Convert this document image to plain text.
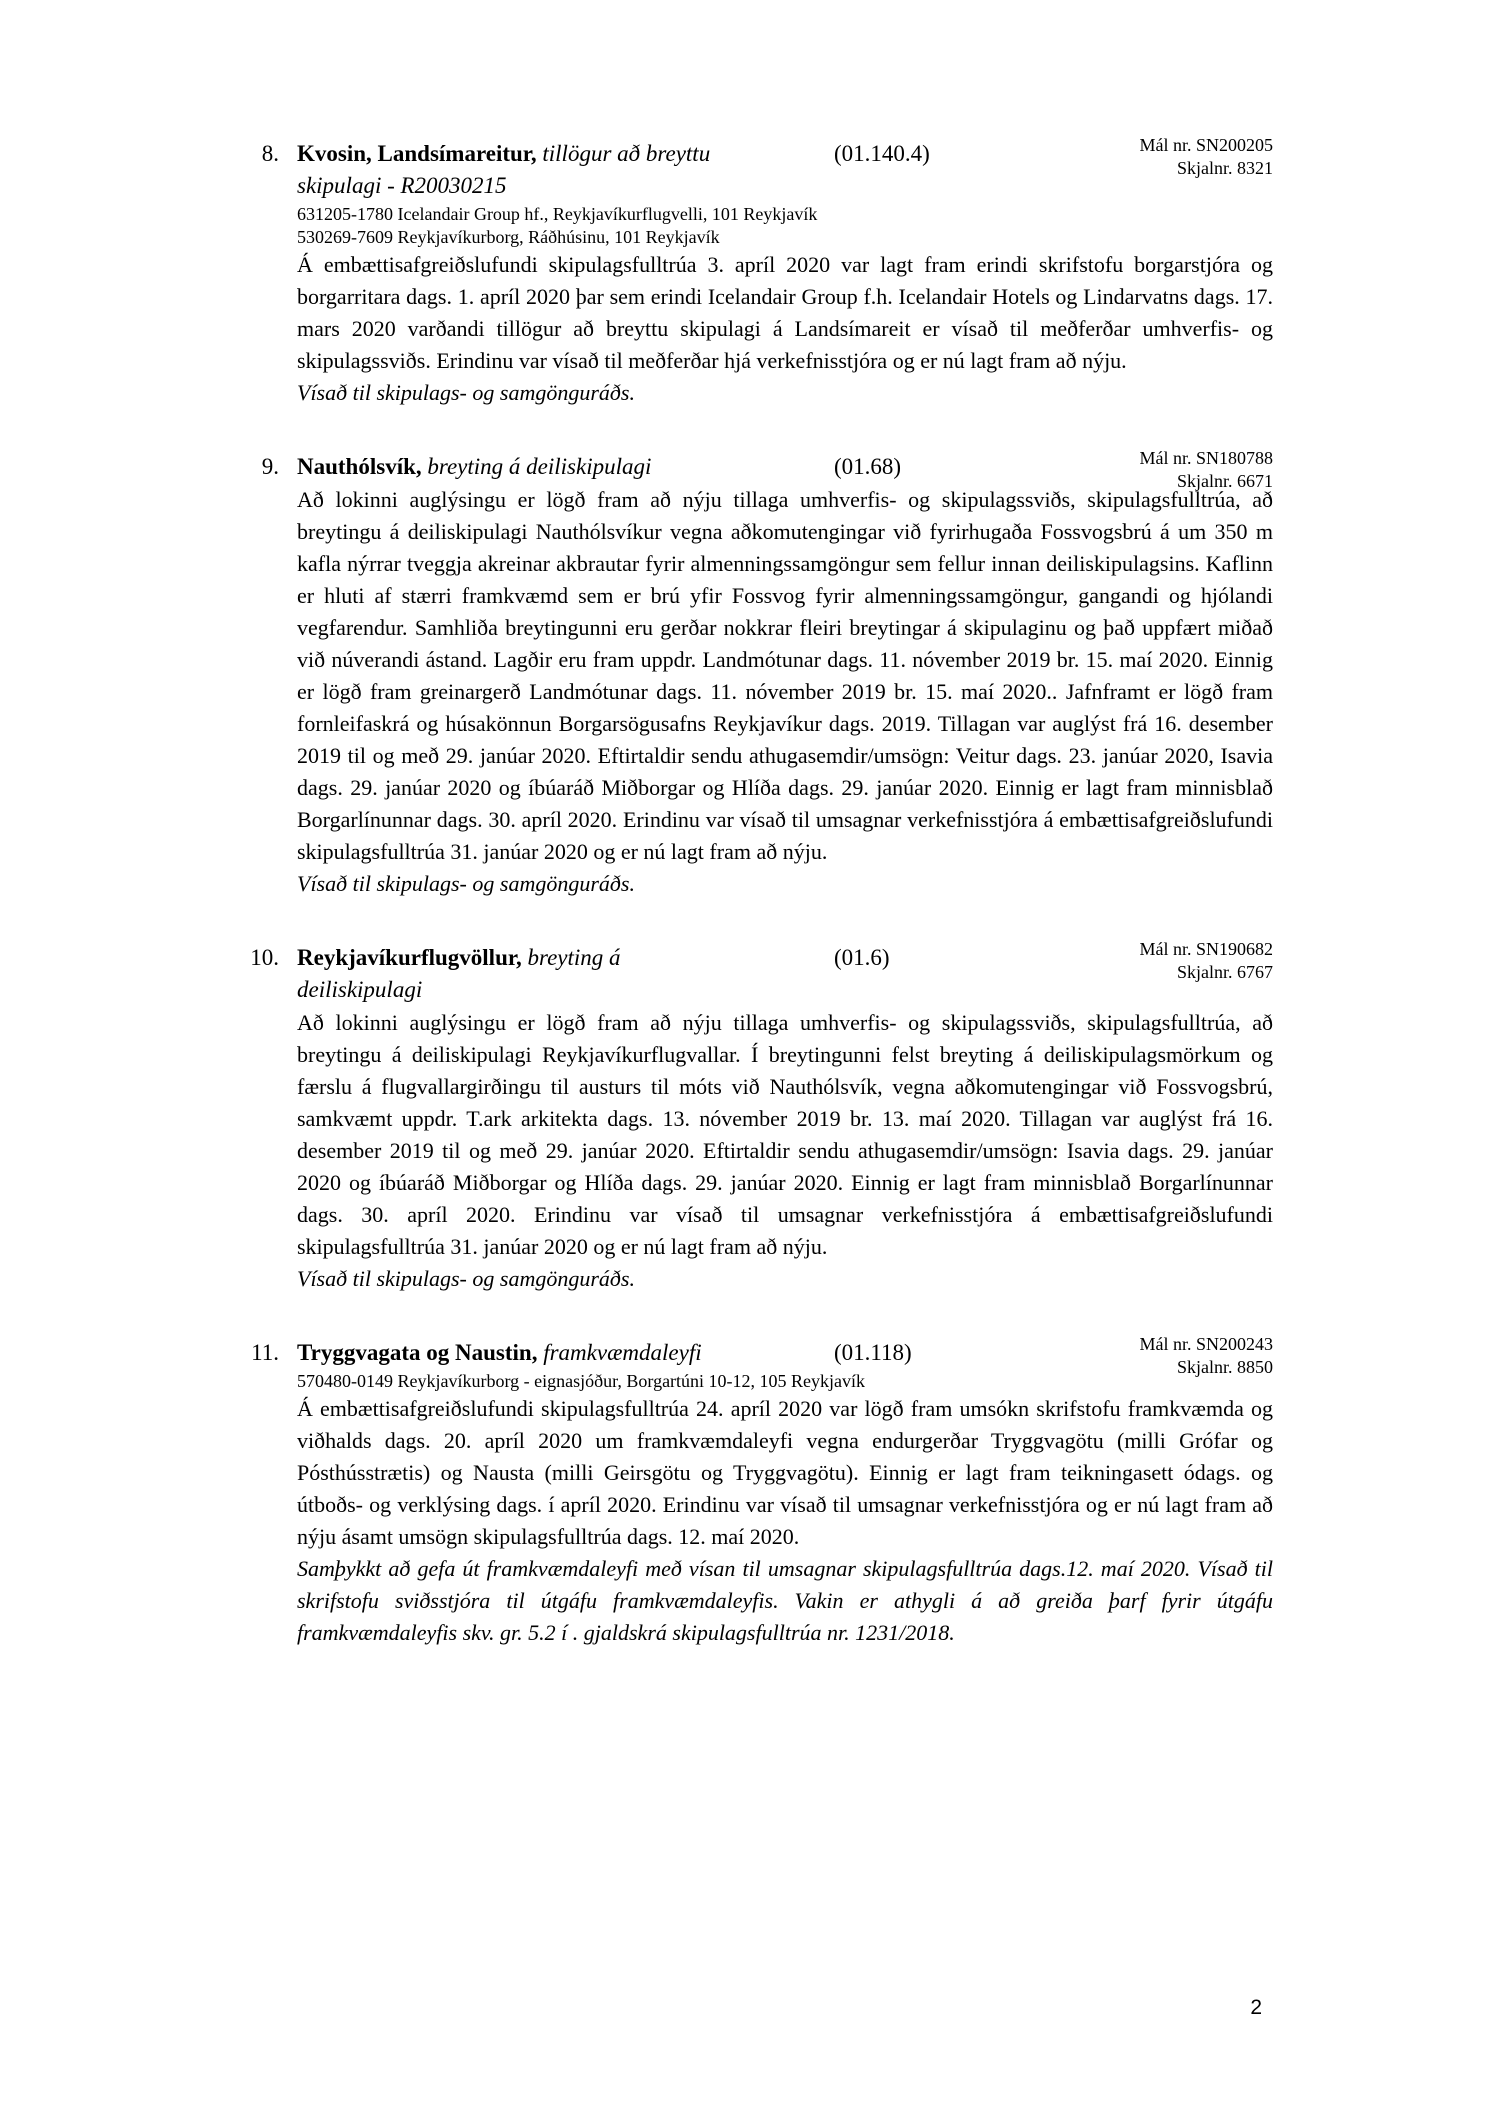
8. Kvosin, Landsímareitur, tillögur að breyttu
skipulagi - R20030215
(01.140.4)	Mál nr. SN200205
Skjalnr. 8321
631205-1780 Icelandair Group hf., Reykjavíkurflugvelli, 101 Reykjavík
530269-7609 Reykjavíkurborg, Ráðhúsinu, 101 Reykjavík

Á embættisafgreiðslufundi skipulagsfulltrúa 3. apríl 2020 var lagt fram erindi skrifstofu borgarstjóra og borgarritara dags. 1. apríl 2020 þar sem erindi Icelandair Group f.h. Icelandair Hotels og Lindarvatns dags. 17. mars 2020 varðandi tillögur að breyttu skipulagi á Landsímareit er vísað til meðferðar umhverfis- og skipulagssviðs. Erindinu var vísað til meðferðar hjá verkefnisstjóra og er nú lagt fram að nýju.

Vísað til skipulags- og samgönguráðs.

9. Nauthólsvík, breyting á deiliskipulagi	(01.68)	Mál nr. SN180788
Skjalnr. 6671

Að lokinni auglýsingu er lögð fram að nýju tillaga umhverfis- og skipulagssviðs, skipulagsfulltrúa, að breytingu á deiliskipulagi Nauthólsvíkur vegna aðkomutengingar við fyrirhugaða Fossvogsbrú á um 350 m kafla nýrrar tveggja akreinar akbrautar fyrir almenningssamgöngur sem fellur innan deiliskipulagsins. Kaflinn er hluti af stærri framkvæmd sem er brú yfir Fossvog fyrir almenningssamgöngur, gangandi og hjólandi vegfarendur. Samhliða breytingunni eru gerðar nokkrar fleiri breytingar á skipulaginu og það uppfært miðað við núverandi ástand. Lagðir eru fram uppdr. Landmótunar dags. 11. nóvember 2019 br. 15. maí 2020. Einnig er lögð fram greinargerð Landmótunar dags. 11. nóvember 2019 br. 15. maí 2020.. Jafnframt er lögð fram fornleifaskrá og húsakönnun Borgarsögusafns Reykjavíkur dags. 2019. Tillagan var auglýst frá 16. desember 2019 til og með 29. janúar 2020. Eftirtaldir sendu athugasemdir/umsögn: Veitur dags. 23. janúar 2020, Isavia dags. 29. janúar 2020 og íbúaráð Miðborgar og Hlíða dags. 29. janúar 2020. Einnig er lagt fram minnisblað Borgarlínunnar dags. 30. apríl 2020. Erindinu var vísað til umsagnar verkefnisstjóra á embættisafgreiðslufundi skipulagsfulltrúa 31. janúar 2020 og er nú lagt fram að nýju.

Vísað til skipulags- og samgönguráðs.

10. Reykjavíkurflugvöllur, breyting á
deiliskipulagi
(01.6)	Mál nr. SN190682
Skjalnr. 6767

Að lokinni auglýsingu er lögð fram að nýju tillaga umhverfis- og skipulagssviðs, skipulagsfulltrúa, að breytingu á deiliskipulagi Reykjavíkurflugvallar. Í breytingunni felst breyting á deiliskipulagsmörkum og færslu á flugvallargirðingu til austurs til móts við Nauthólsvík, vegna aðkomutengingar við Fossvogsbrú, samkvæmt uppdr. T.ark arkitekta dags. 13. nóvember 2019 br. 13. maí 2020. Tillagan var auglýst frá 16. desember 2019 til og með 29. janúar 2020. Eftirtaldir sendu athugasemdir/umsögn: Isavia dags. 29. janúar 2020 og íbúaráð Miðborgar og Hlíða dags. 29. janúar 2020. Einnig er lagt fram minnisblað Borgarlínunnar dags. 30. apríl 2020. Erindinu var vísað til umsagnar verkefnisstjóra á embættisafgreiðslufundi skipulagsfulltrúa 31. janúar 2020 og er nú lagt fram að nýju.

Vísað til skipulags- og samgönguráðs.

11. Tryggvagata og Naustin, framkvæmdaleyfi	(01.118)	Mál nr. SN200243
Skjalnr. 8850
570480-0149 Reykjavíkurborg - eignasjóður, Borgartúni 10-12, 105 Reykjavík

Á embættisafgreiðslufundi skipulagsfulltrúa 24. apríl 2020 var lögð fram umsókn skrifstofu framkvæmda og viðhalds dags. 20. apríl 2020 um framkvæmdaleyfi vegna endurgerðar Tryggvagötu (milli Grófar og Pósthússtrætis) og Nausta (milli Geirsgötu og Tryggvagötu). Einnig er lagt fram teikningasett ódags. og útboðs- og verklýsing dags. í apríl 2020. Erindinu var vísað til umsagnar verkefnisstjóra og er nú lagt fram að nýju ásamt umsögn skipulagsfulltrúa dags. 12. maí 2020.

Samþykkt að gefa út framkvæmdaleyfi með vísan til umsagnar skipulagsfulltrúa dags.12. maí 2020. Vísað til skrifstofu sviðsstjóra til útgáfu framkvæmdaleyfis. Vakin er athygli á að greiða þarf fyrir útgáfu framkvæmdaleyfis skv. gr. 5.2 í . gjaldskrá skipulagsfulltrúa nr. 1231/2018.

2
